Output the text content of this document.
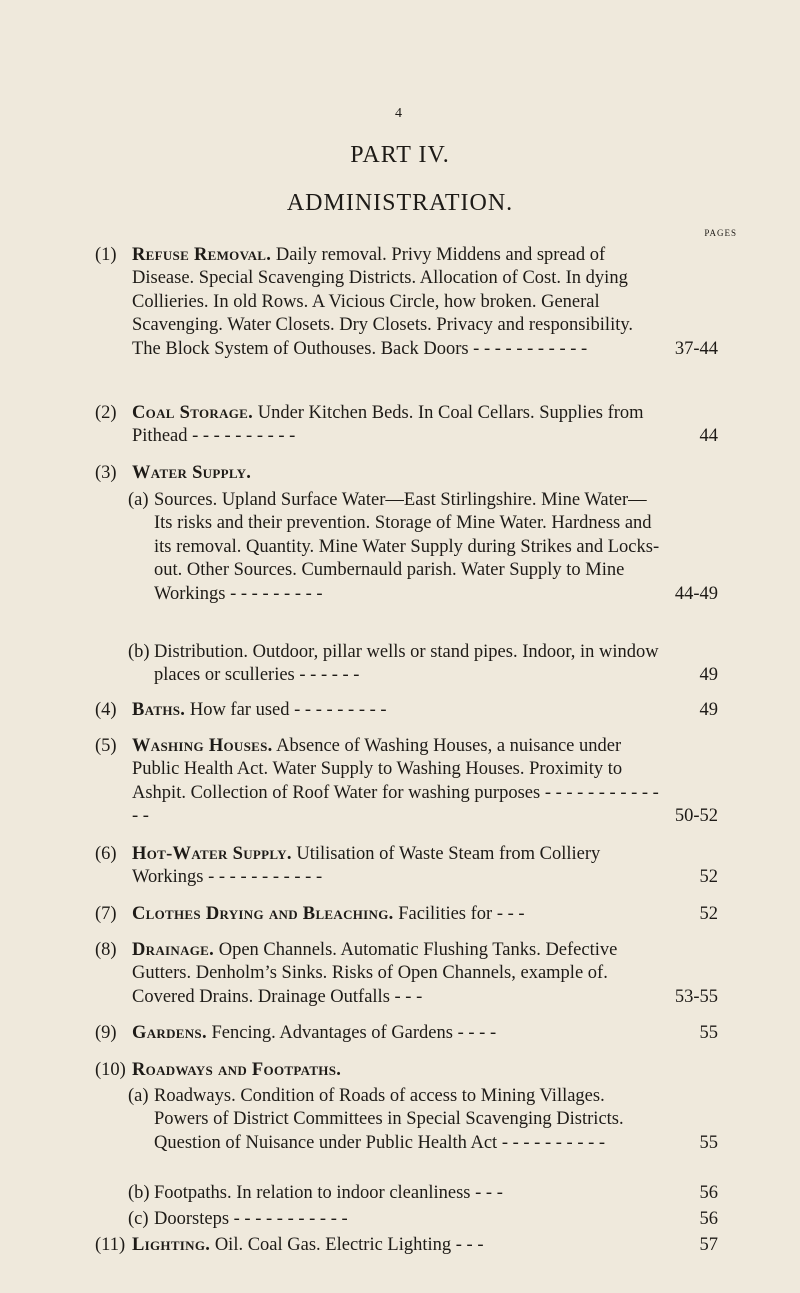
4
PART IV.
ADMINISTRATION.
PAGES
(1) Refuse Removal. Daily removal. Privy Middens and spread of Disease. Special Scavenging Districts. Allocation of Cost. In dying Collieries. In old Rows. A Vicious Circle, how broken. General Scavenging. Water Closets. Dry Closets. Privacy and responsibility. The Block System of Outhouses. Back Doors - - - - - - - - - - -	37-44
(2) Coal Storage. Under Kitchen Beds. In Coal Cellars. Supplies from Pithead - - - - - - - - - -	44
(3) Water Supply.
(a) Sources. Upland Surface Water—East Stirlingshire. Mine Water—Its risks and their prevention. Storage of Mine Water. Hardness and its removal. Quantity. Mine Water Supply during Strikes and Locks-out. Other Sources. Cumbernauld parish. Water Supply to Mine Workings - - - - - - - - -	44-49
(b) Distribution. Outdoor, pillar wells or stand pipes. Indoor, in window places or sculleries - - - - - -	49
(4) Baths. How far used - - - - - - - - -	49
(5) Washing Houses. Absence of Washing Houses, a nuisance under Public Health Act. Water Supply to Washing Houses. Proximity to Ashpit. Collection of Roof Water for washing purposes - - - - - - - - - - - - -	50-52
(6) Hot-Water Supply. Utilisation of Waste Steam from Colliery Workings - - - - - - - - - - -	52
(7) Clothes Drying and Bleaching. Facilities for - - -	52
(8) Drainage. Open Channels. Automatic Flushing Tanks. Defective Gutters. Denholm’s Sinks. Risks of Open Channels, example of. Covered Drains. Drainage Outfalls - - -	53-55
(9) Gardens. Fencing. Advantages of Gardens - - - -	55
(10) Roadways and Footpaths.
(a) Roadways. Condition of Roads of access to Mining Villages. Powers of District Committees in Special Scavenging Districts. Question of Nuisance under Public Health Act - - - - - - - - - -	55
(b) Footpaths. In relation to indoor cleanliness - - -	56
(c) Doorsteps - - - - - - - - - - -	56
(11) Lighting. Oil. Coal Gas. Electric Lighting - - -	57
